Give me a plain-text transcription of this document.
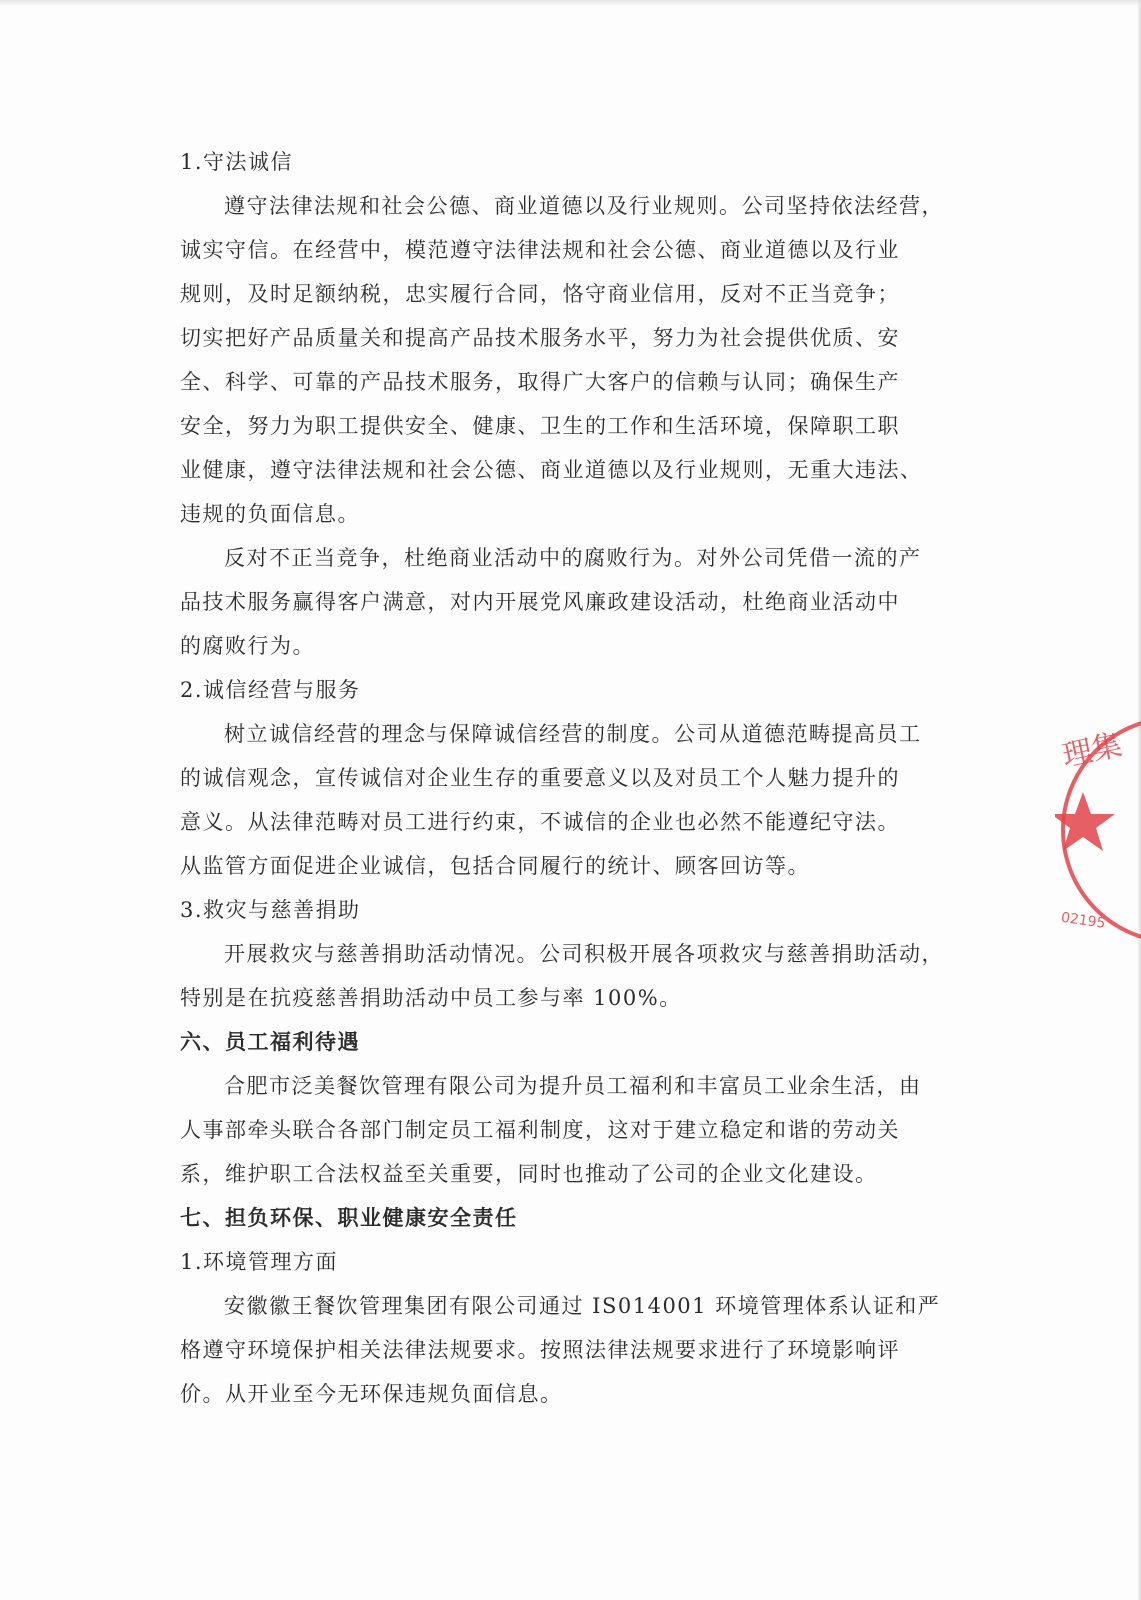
1.守法诚信
遵守法律法规和社会公德、商业道德以及行业规则。公司坚持依法经营，
诚实守信。在经营中，模范遵守法律法规和社会公德、商业道德以及行业
规则，及时足额纳税，忠实履行合同，恪守商业信用，反对不正当竞争；
切实把好产品质量关和提高产品技术服务水平，努力为社会提供优质、安
全、科学、可靠的产品技术服务，取得广大客户的信赖与认同；确保生产
安全，努力为职工提供安全、健康、卫生的工作和生活环境，保障职工职
业健康，遵守法律法规和社会公德、商业道德以及行业规则，无重大违法、
违规的负面信息。
反对不正当竞争，杜绝商业活动中的腐败行为。对外公司凭借一流的产
品技术服务赢得客户满意，对内开展党风廉政建设活动，杜绝商业活动中
的腐败行为。
2.诚信经营与服务
树立诚信经营的理念与保障诚信经营的制度。公司从道德范畴提高员工
的诚信观念，宣传诚信对企业生存的重要意义以及对员工个人魅力提升的
意义。从法律范畴对员工进行约束，不诚信的企业也必然不能遵纪守法。
从监管方面促进企业诚信，包括合同履行的统计、顾客回访等。
3.救灾与慈善捐助
开展救灾与慈善捐助活动情况。公司积极开展各项救灾与慈善捐助活动，
特别是在抗疫慈善捐助活动中员工参与率 100%。
六、员工福利待遇
合肥市泛美餐饮管理有限公司为提升员工福利和丰富员工业余生活，由
人事部牵头联合各部门制定员工福利制度，这对于建立稳定和谐的劳动关
系，维护职工合法权益至关重要，同时也推动了公司的企业文化建设。
七、担负环保、职业健康安全责任
1.环境管理方面
安徽徽王餐饮管理集团有限公司通过 IS014001 环境管理体系认证和严
格遵守环境保护相关法律法规要求。按照法律法规要求进行了环境影响评
价。从开业至今无环保违规负面信息。
理集
02195
